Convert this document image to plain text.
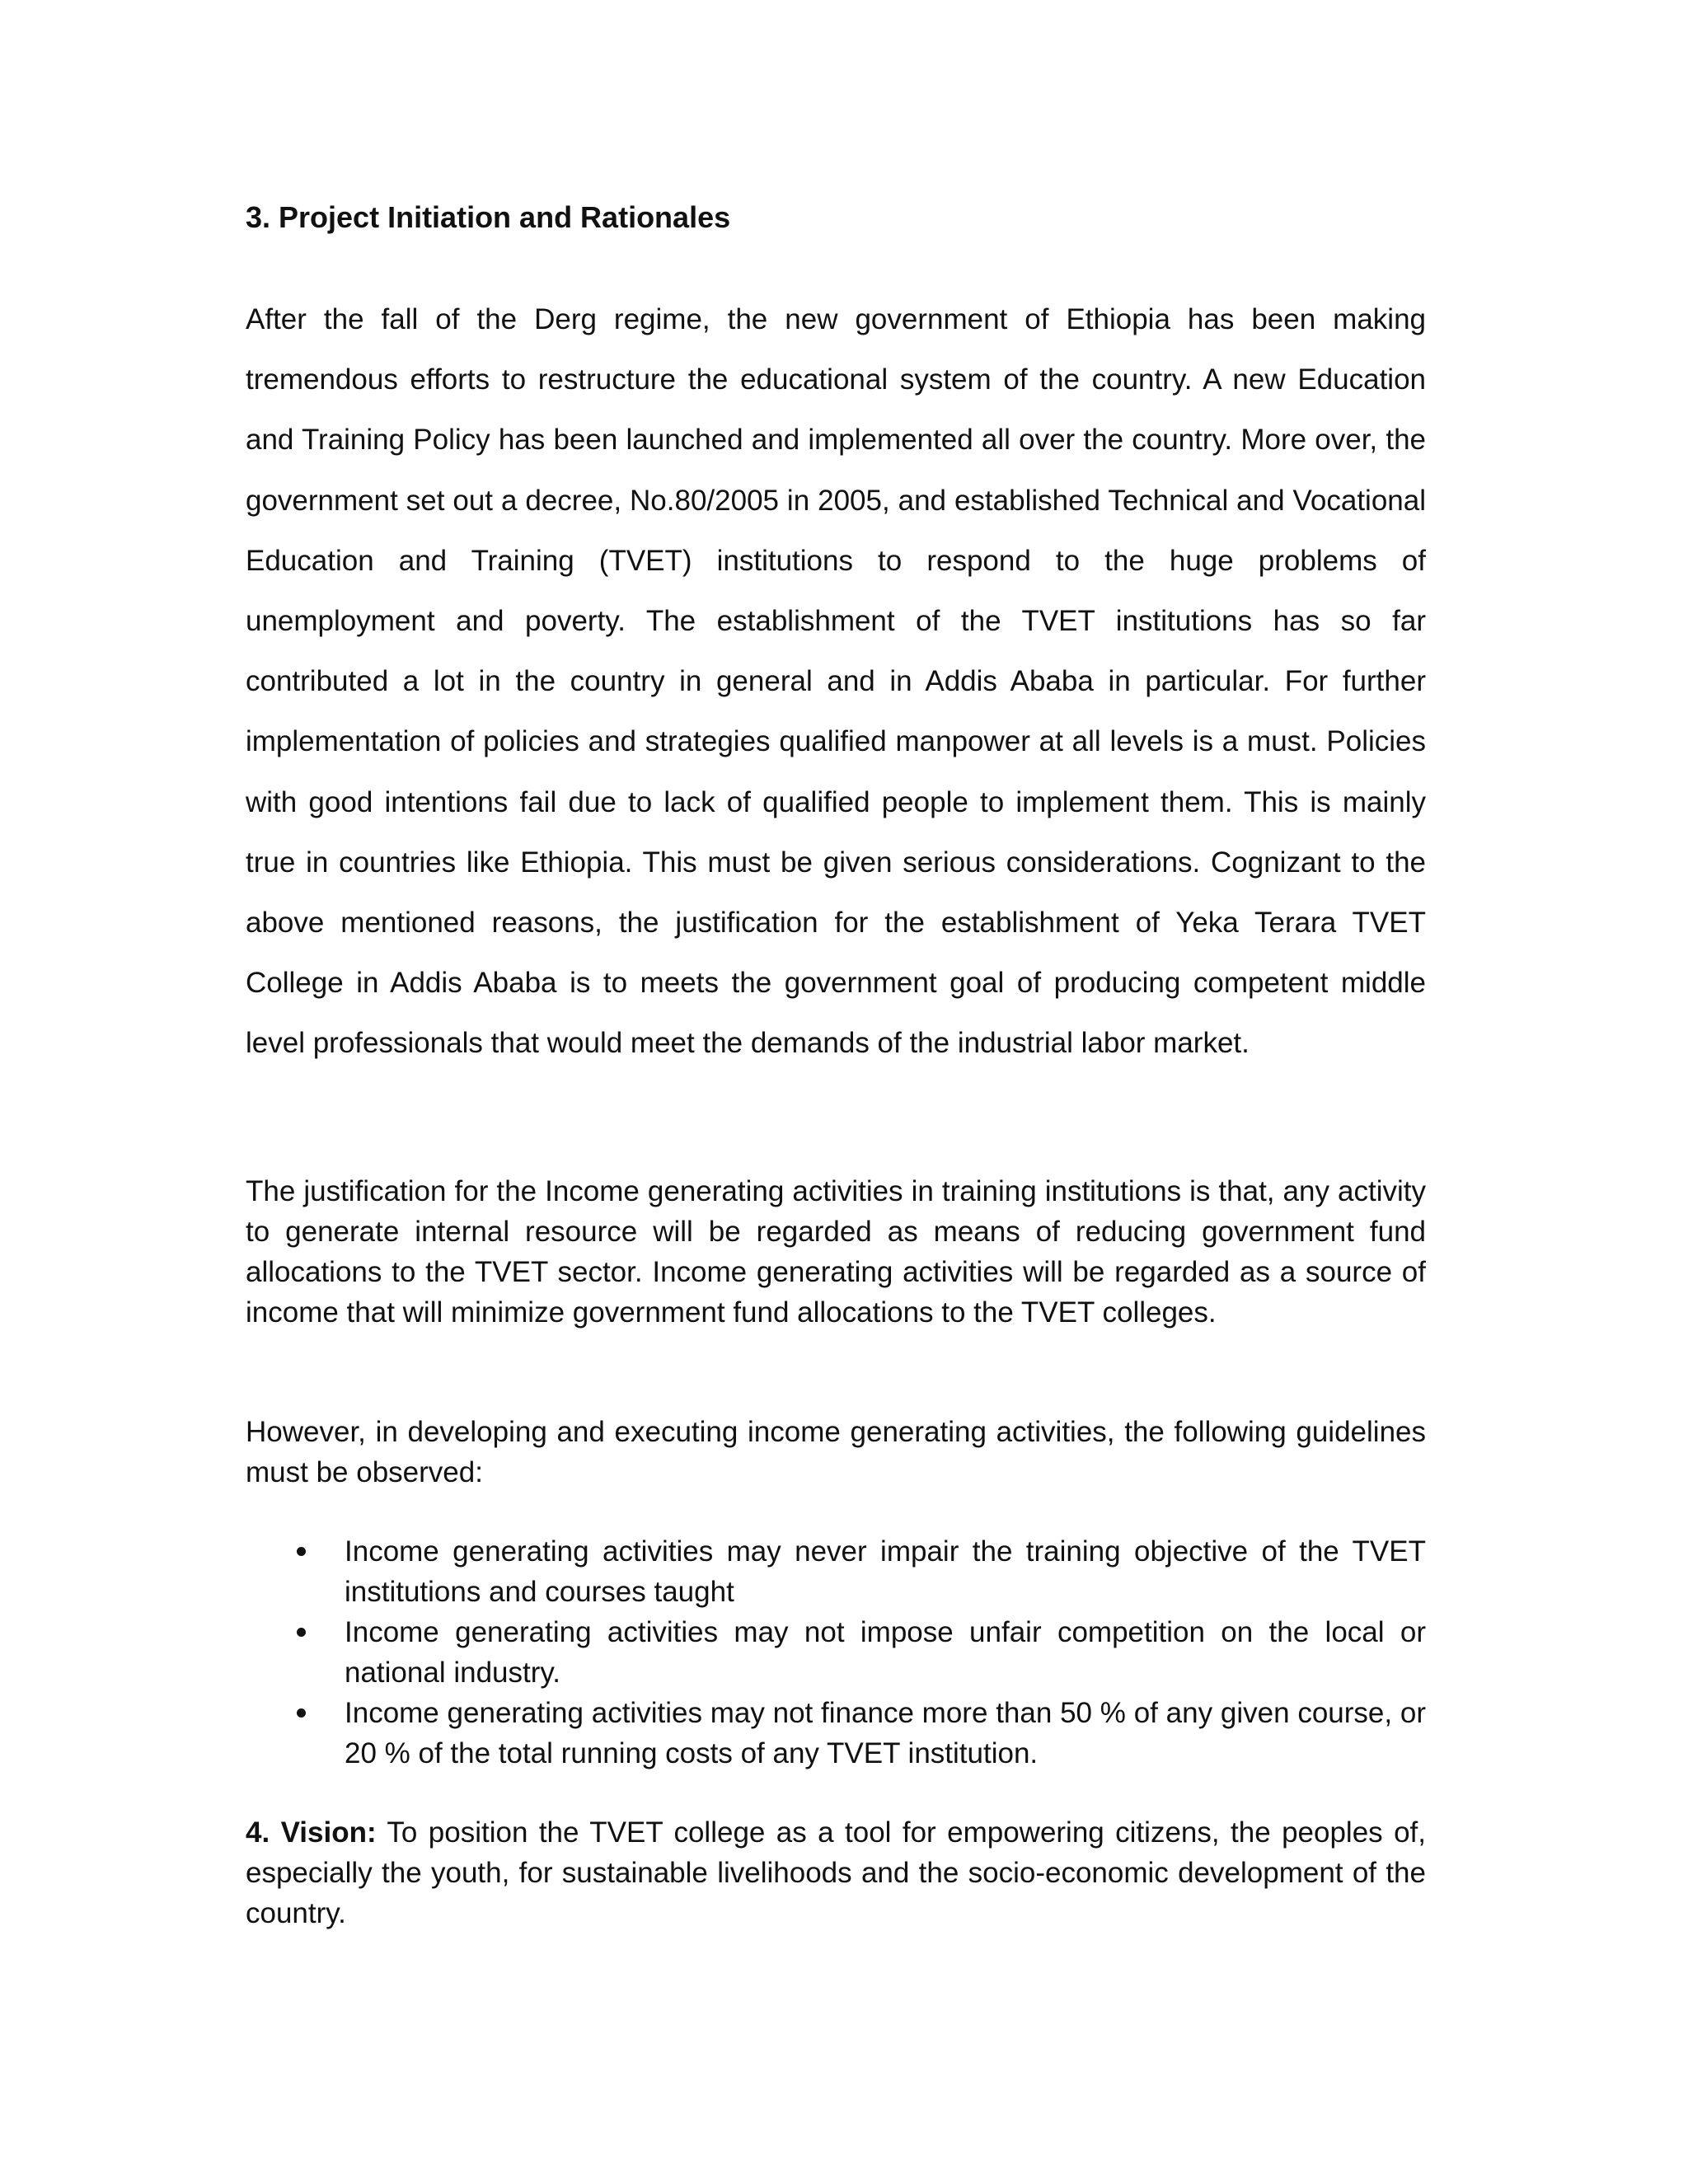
3. Project Initiation and Rationales

After the fall of the Derg regime, the new government of Ethiopia has been making tremendous efforts to restructure the educational system of the country. A new Education and Training Policy has been launched and implemented all over the country. More over, the government set out a decree, No.80/2005 in 2005, and established Technical and Vocational Education and Training (TVET) institutions to respond to the huge problems of unemployment and poverty. The establishment of the TVET institutions has so far contributed a lot in the country in general and in Addis Ababa in particular. For further implementation of policies and strategies qualified manpower at all levels is a must. Policies with good intentions fail due to lack of qualified people to implement them. This is mainly true in countries like Ethiopia. This must be given serious considerations. Cognizant to the above mentioned reasons, the justification for the establishment of Yeka Terara TVET College in Addis Ababa is to meets the government goal of producing competent middle level professionals that would meet the demands of the industrial labor market.

The justification for the Income generating activities in training institutions is that, any activity to generate internal resource will be regarded as means of reducing government fund allocations to the TVET sector. Income generating activities will be regarded as a source of income that will minimize government fund allocations to the TVET colleges.

However, in developing and executing income generating activities, the following guidelines must be observed:

Income generating activities may never impair the training objective of the TVET institutions and courses taught
Income generating activities may not impose unfair competition on the local or national industry.
Income generating activities may not finance more than 50 % of any given course, or 20 % of the total running costs of any TVET institution.

4. Vision: To position the TVET college as a tool for empowering citizens, the peoples of, especially the youth, for sustainable livelihoods and the socio-economic development of the country.
